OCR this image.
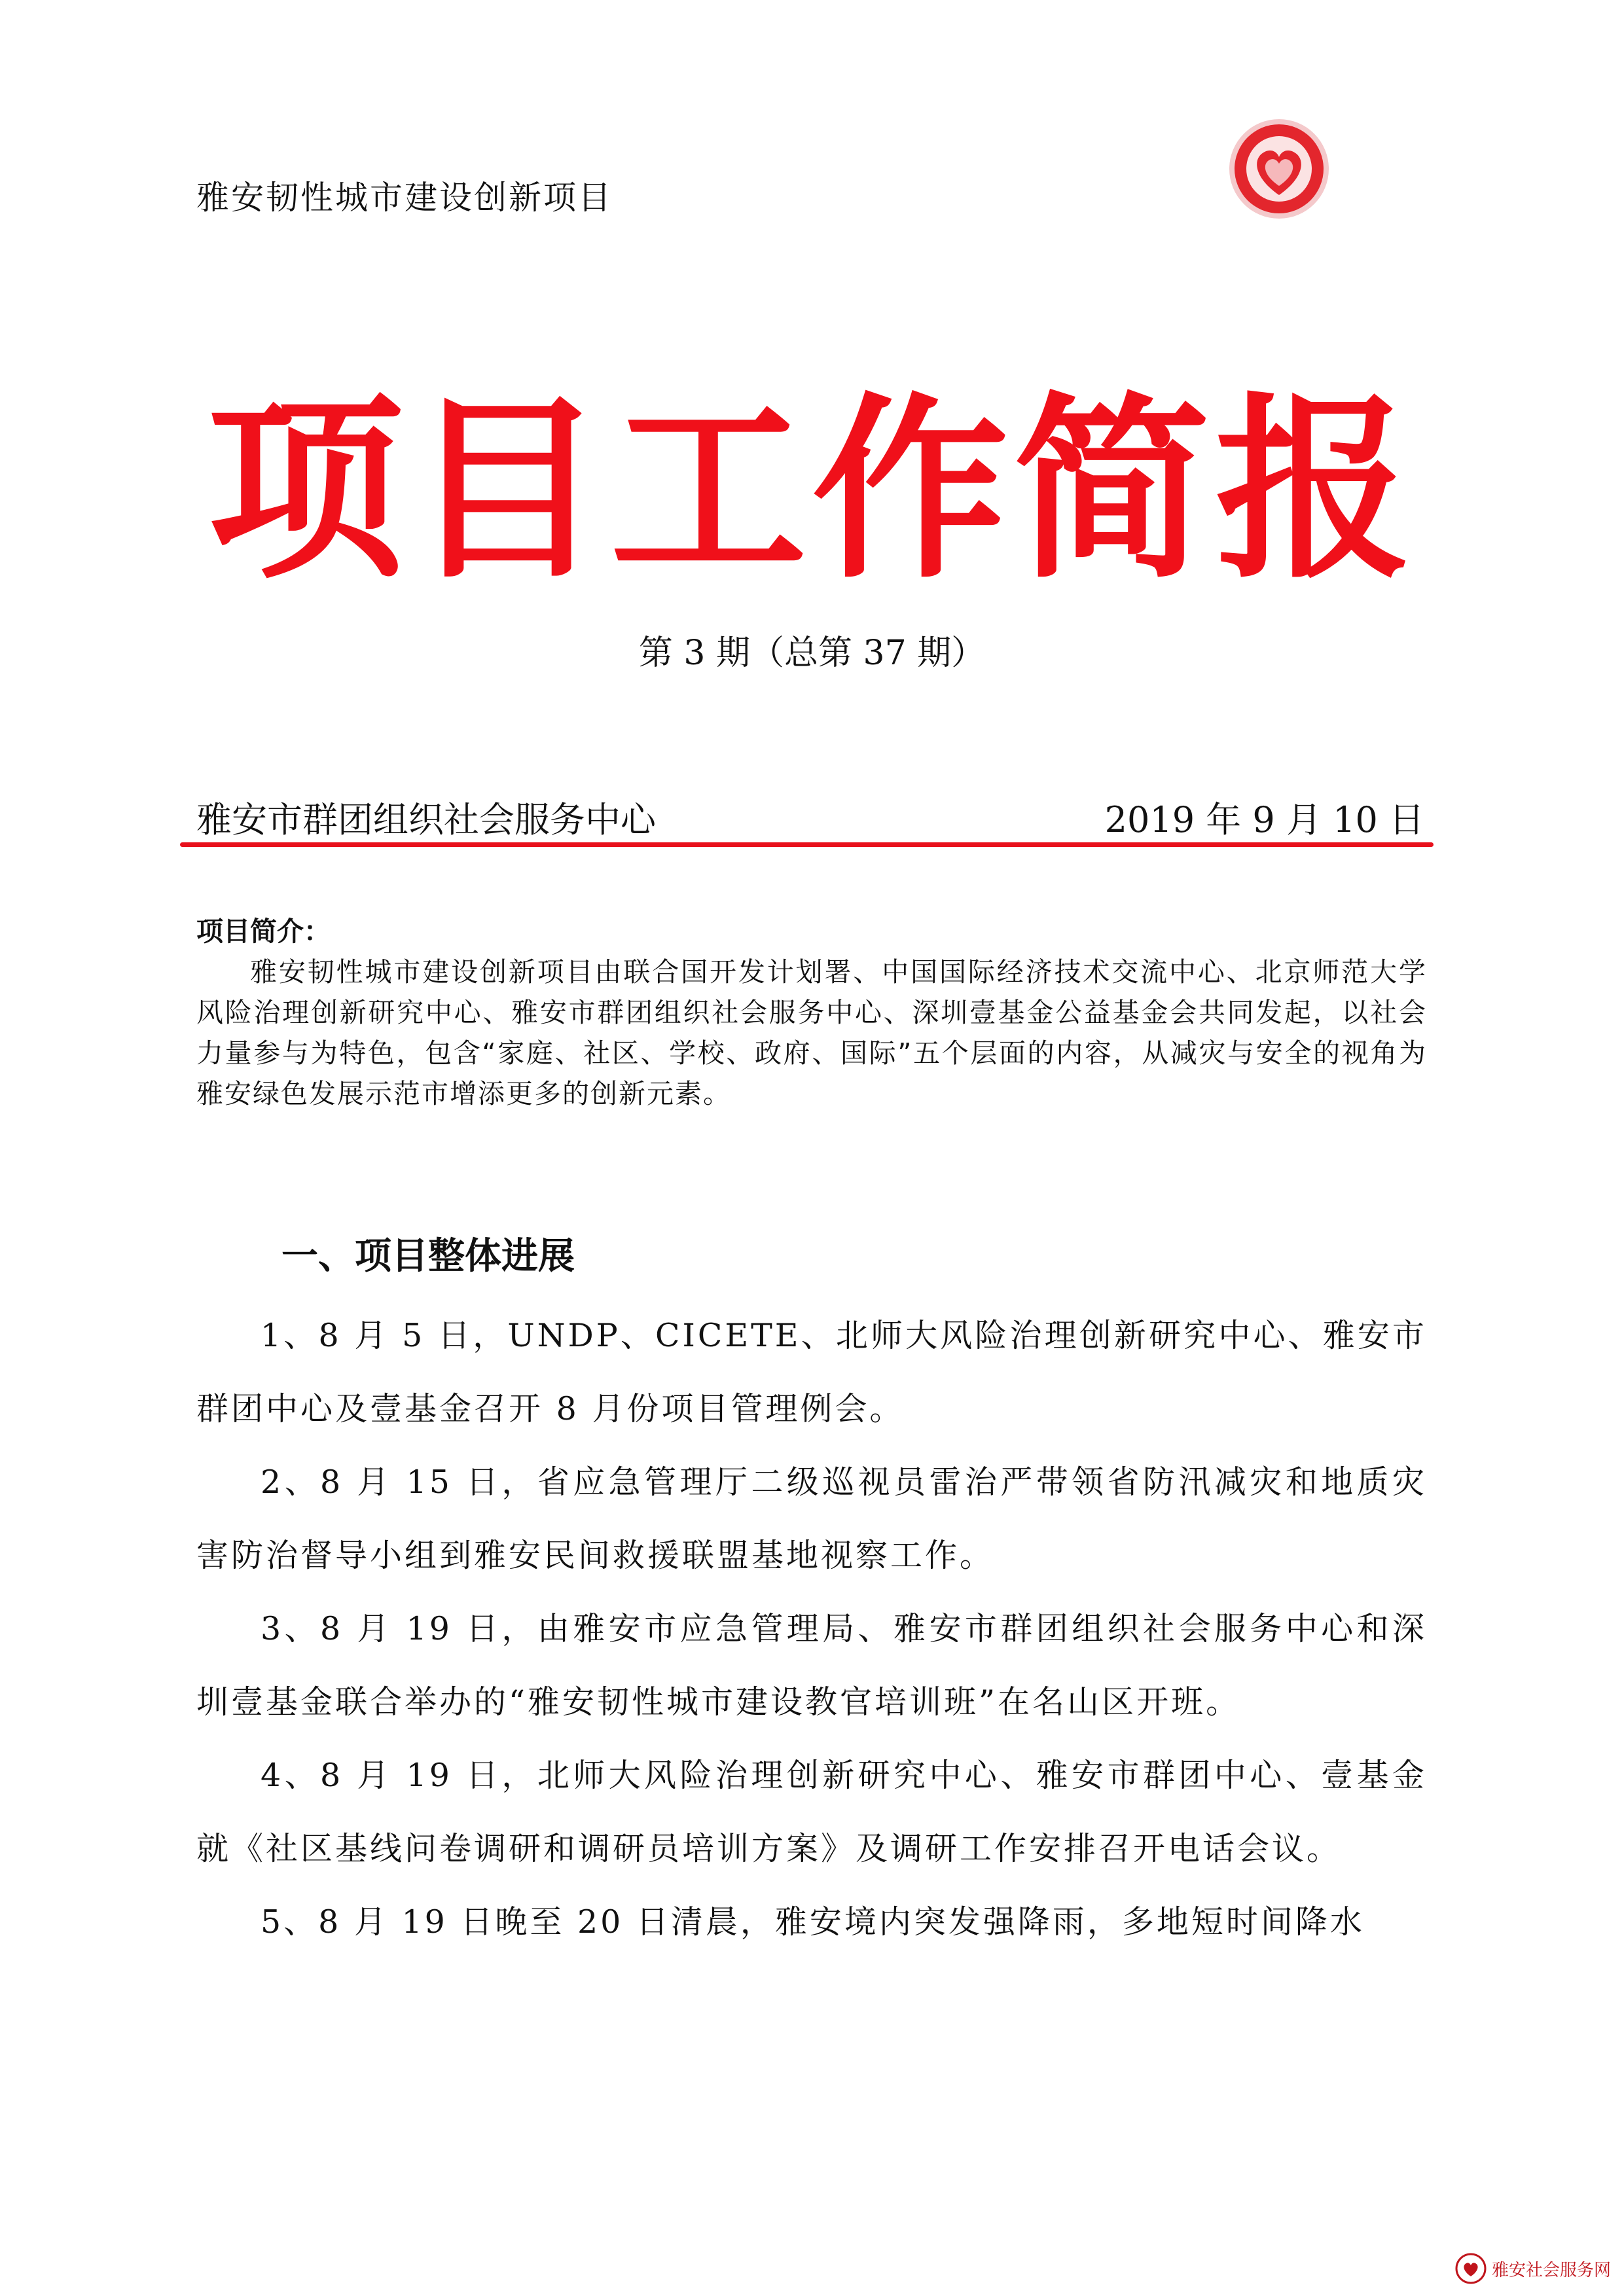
雅安韧性城市建设创新项目
项目工作简报
第 3 期（总第 37 期）
雅安市群团组织社会服务中心	2019 年 9 月 10 日

项目简介：

雅安韧性城市建设创新项目由联合国开发计划署、中国国际经济技术交流中心、北京师范大学风险治理创新研究中心、雅安市群团组织社会服务中心、深圳壹基金公益基金会共同发起，以社会力量参与为特色，包含“家庭、社区、学校、政府、国际”五个层面的内容，从减灾与安全的视角为雅安绿色发展示范市增添更多的创新元素。

一、项目整体进展

1、8 月 5 日，UNDP、CICETE、北师大风险治理创新研究中心、雅安市群团中心及壹基金召开 8 月份项目管理例会。

2、8 月 15 日，省应急管理厅二级巡视员雷治严带领省防汛减灾和地质灾害防治督导小组到雅安民间救援联盟基地视察工作。

3、8 月 19 日，由雅安市应急管理局、雅安市群团组织社会服务中心和深圳壹基金联合举办的“雅安韧性城市建设教官培训班”在名山区开班。

4、8 月 19 日，北师大风险治理创新研究中心、雅安市群团中心、壹基金就《社区基线问卷调研和调研员培训方案》及调研工作安排召开电话会议。

5、8 月 19 日晚至 20 日清晨，雅安境内突发强降雨，多地短时间降水

雅安社会服务网
